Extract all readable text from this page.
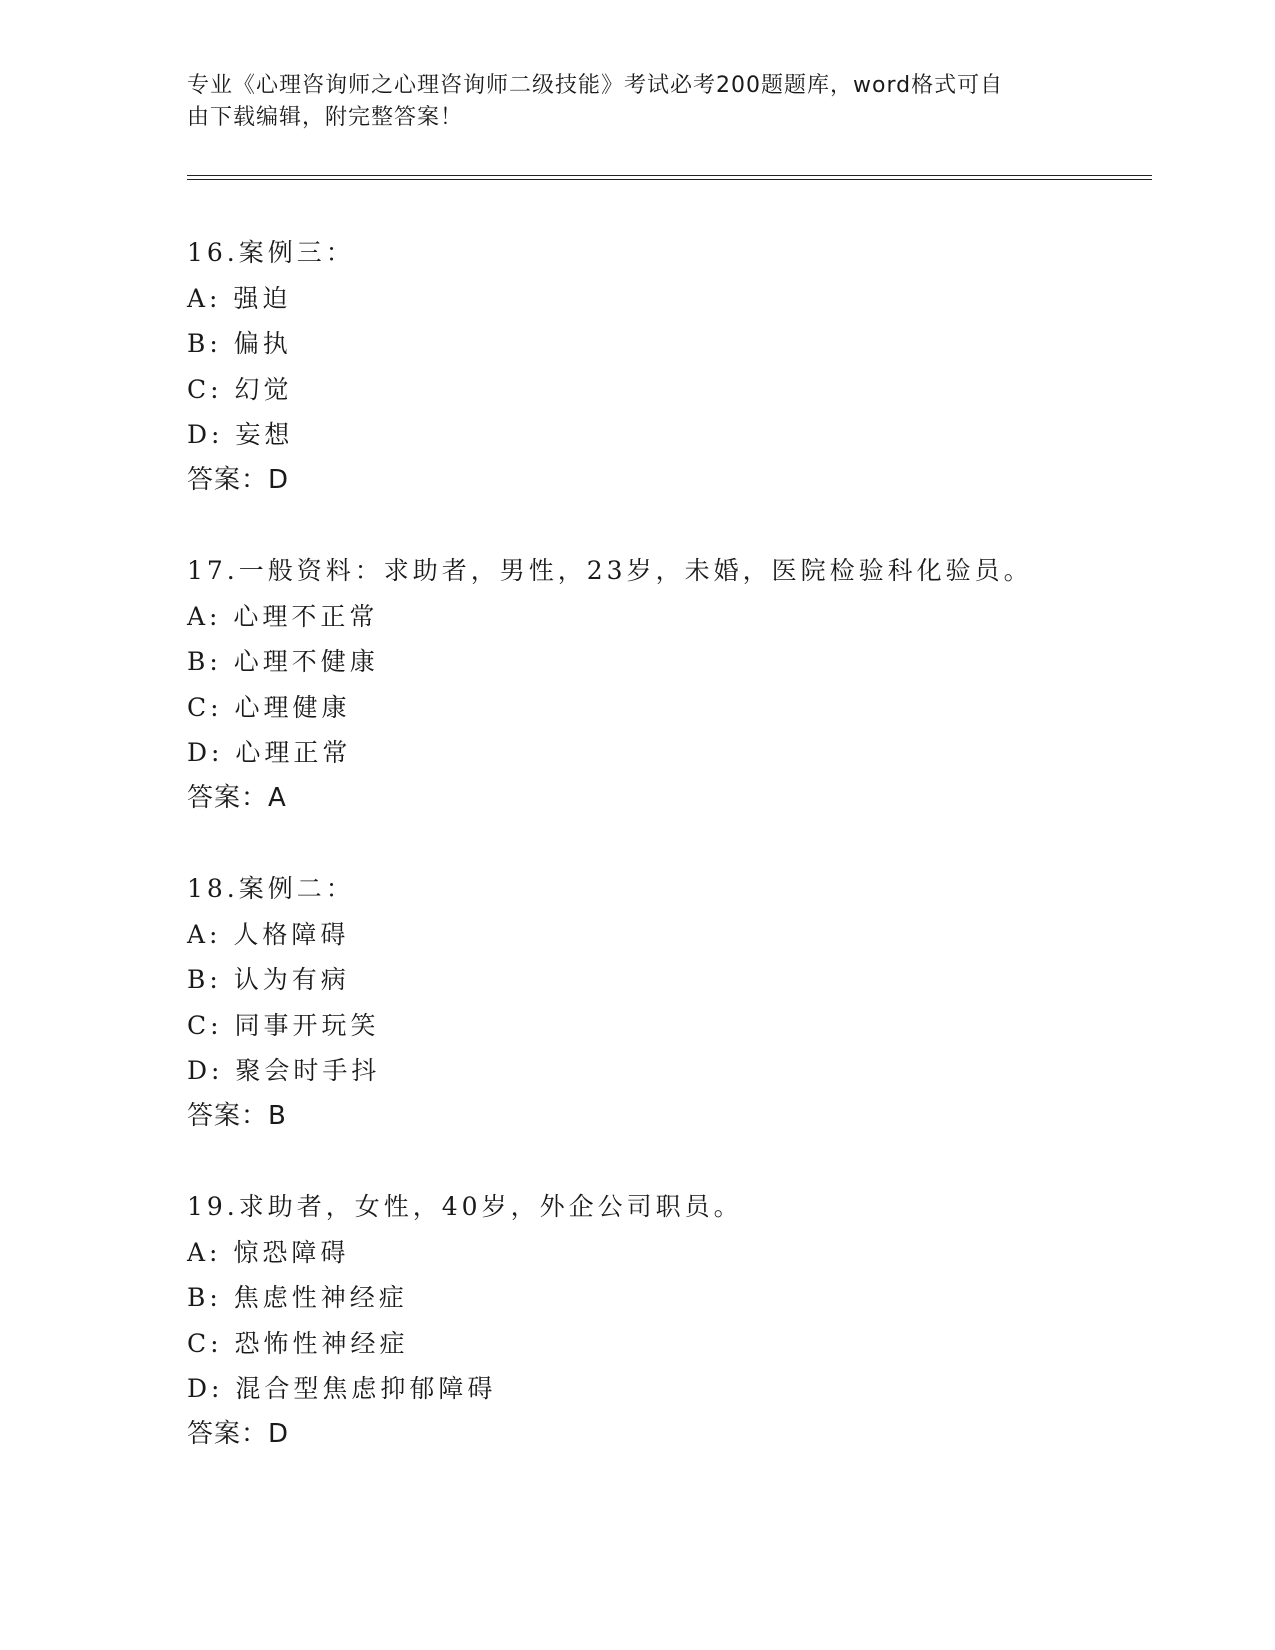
专业《心理咨询师之心理咨询师二级技能》考试必考200题题库，word格式可自
由下载编辑，附完整答案！
16.案例三：
A: 强迫
B: 偏执
C: 幻觉
D: 妄想
答案：D
17.一般资料：求助者，男性，23岁，未婚，医院检验科化验员。
A: 心理不正常
B: 心理不健康
C: 心理健康
D: 心理正常
答案：A
18.案例二：
A: 人格障碍
B: 认为有病
C: 同事开玩笑
D: 聚会时手抖
答案：B
19.求助者，女性，40岁，外企公司职员。
A: 惊恐障碍
B: 焦虑性神经症
C: 恐怖性神经症
D: 混合型焦虑抑郁障碍
答案：D
